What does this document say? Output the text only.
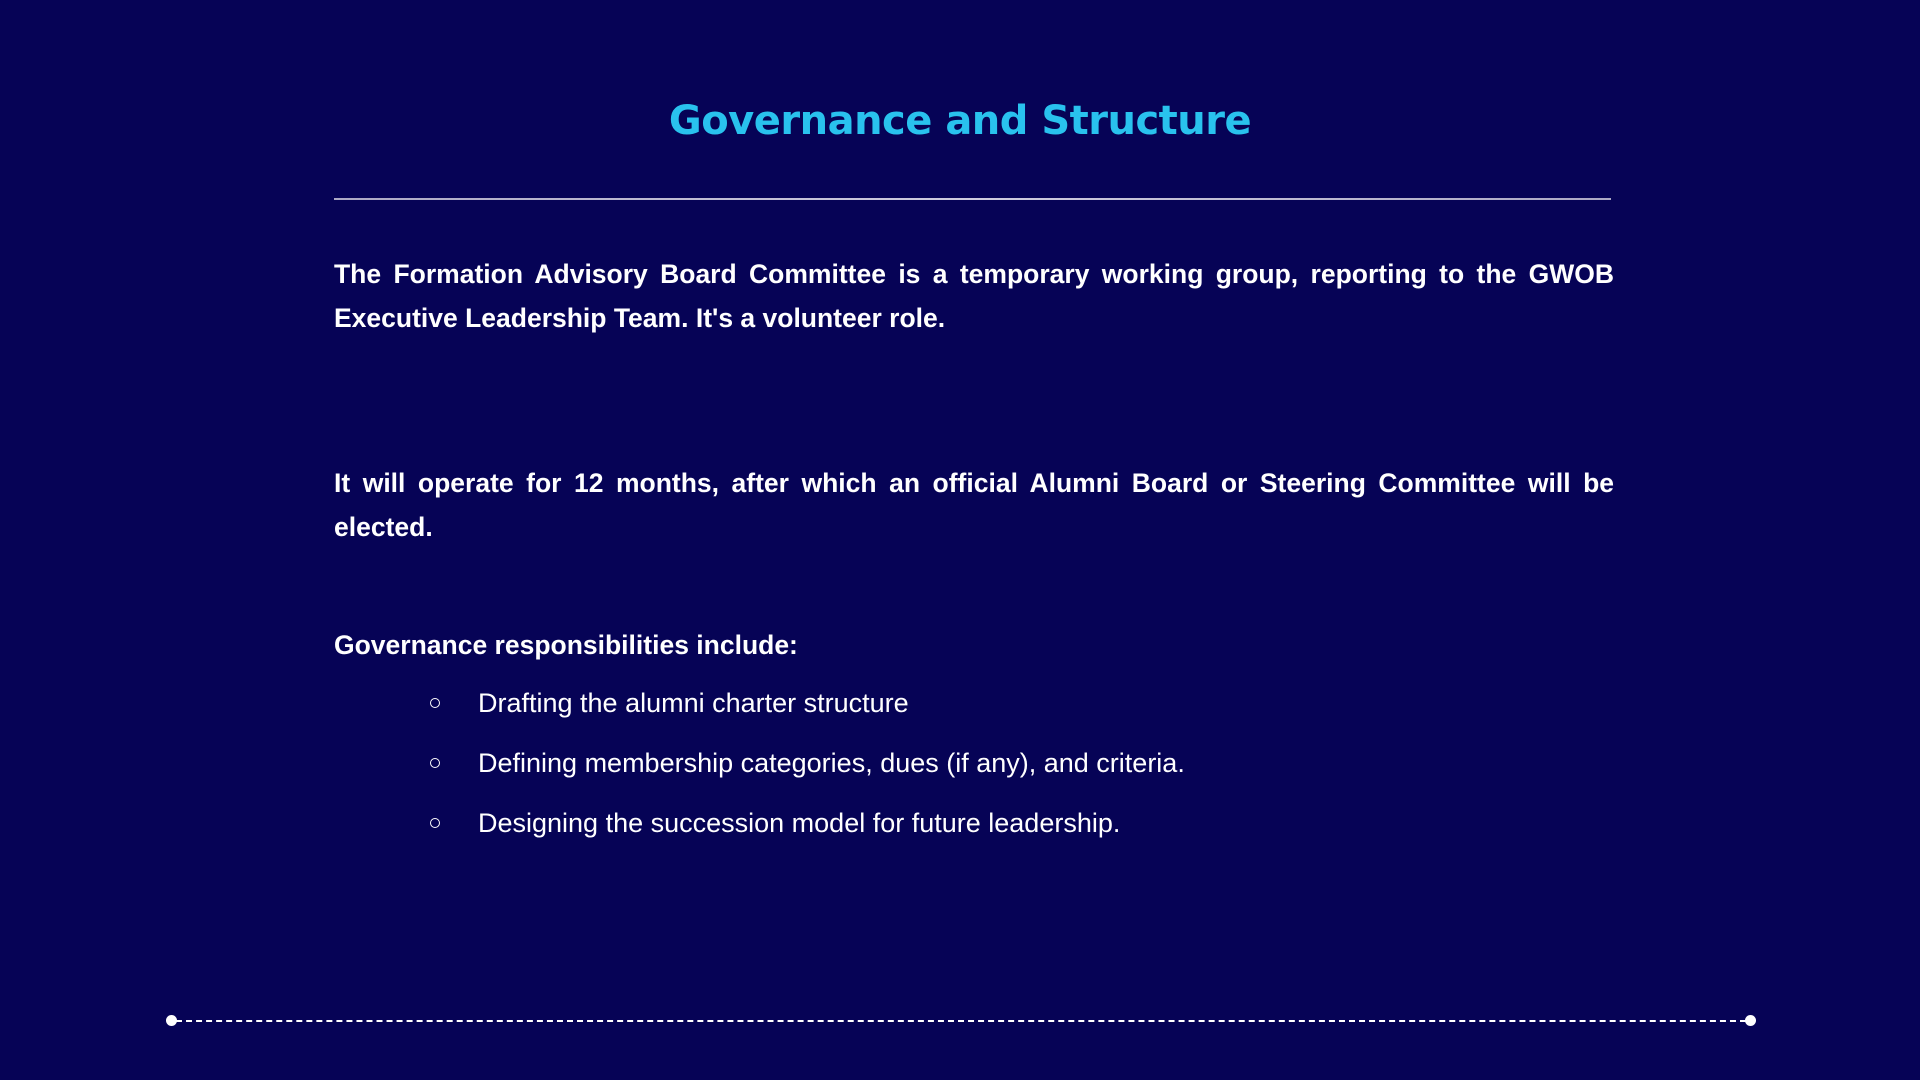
Governance and Structure

The Formation Advisory Board Committee is a temporary working group, reporting to the GWOB Executive Leadership Team. It's a volunteer role.

It will operate for 12 months, after which an official Alumni Board or Steering Committee will be elected.

Governance responsibilities include:

Drafting the alumni charter structure
Defining membership categories, dues (if any), and criteria.
Designing the succession model for future leadership.
